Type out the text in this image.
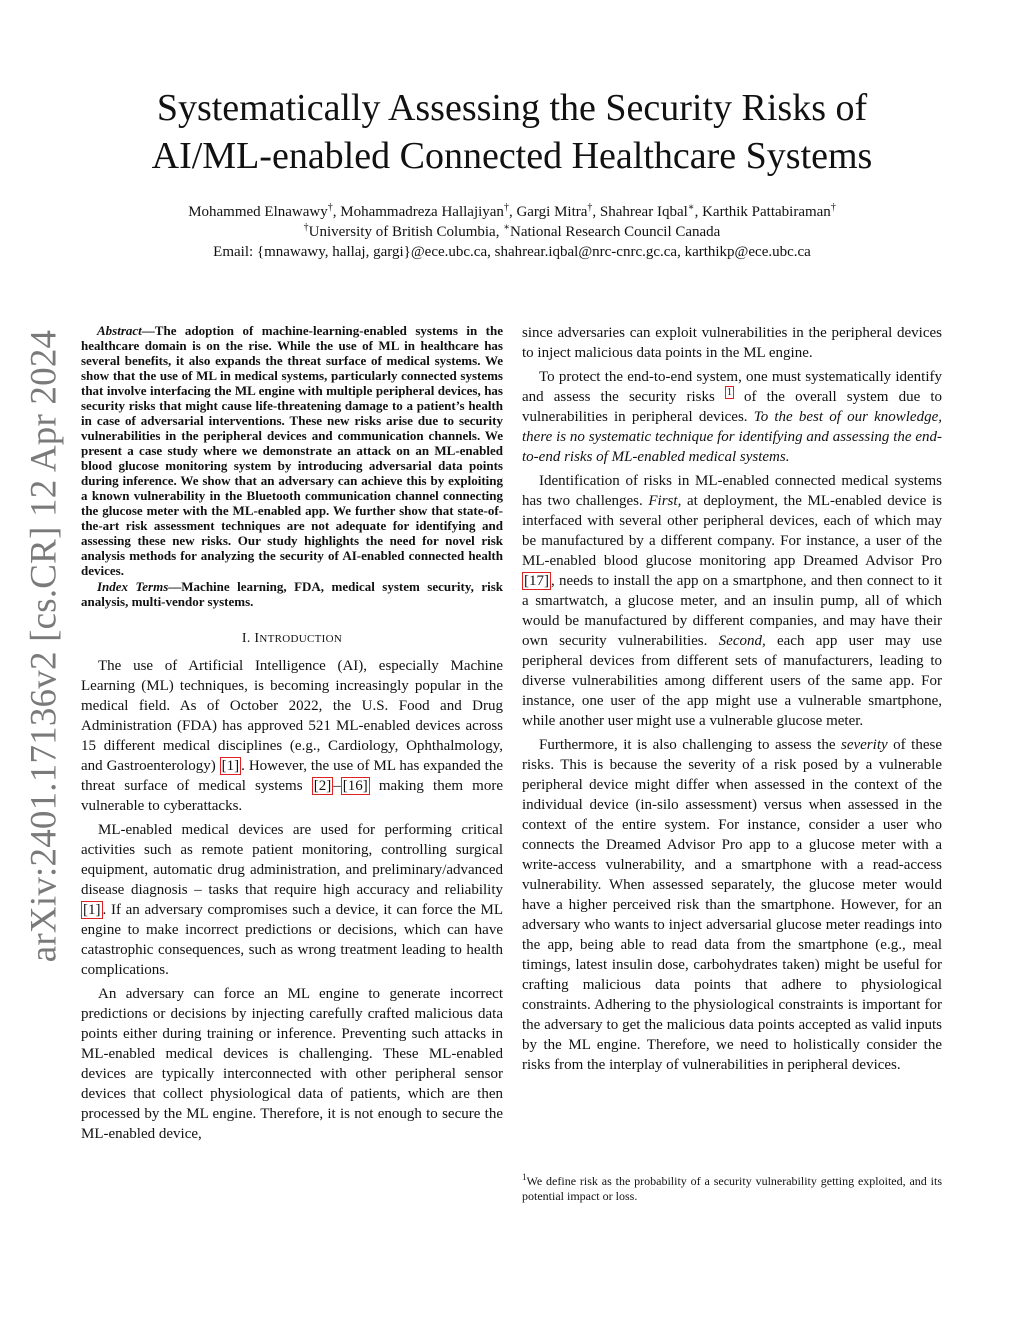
arXiv:2401.17136v2 [cs.CR] 12 Apr 2024
Systematically Assessing the Security Risks of
AI/ML-enabled Connected Healthcare Systems
Mohammed Elnawawy†, Mohammadreza Hallajiyan†, Gargi Mitra†, Shahrear Iqbal∗, Karthik Pattabiraman†
†University of British Columbia, ∗National Research Council Canada
Email: {mnawawy, hallaj, gargi}@ece.ubc.ca, shahrear.iqbal@nrc-cnrc.gc.ca, karthikp@ece.ubc.ca

Abstract—The adoption of machine-learning-enabled systems in the healthcare domain is on the rise. While the use of ML in healthcare has several benefits, it also expands the threat surface of medical systems. We show that the use of ML in medical systems, particularly connected systems that involve interfacing the ML engine with multiple peripheral devices, has security risks that might cause life-threatening damage to a patient’s health in case of adversarial interventions. These new risks arise due to security vulnerabilities in the peripheral devices and communication channels. We present a case study where we demonstrate an attack on an ML-enabled blood glucose monitoring system by introducing adversarial data points during inference. We show that an adversary can achieve this by exploiting a known vulnerability in the Bluetooth communication channel connecting the glucose meter with the ML-enabled app. We further show that state-of-the-art risk assessment techniques are not adequate for identifying and assessing these new risks. Our study highlights the need for novel risk analysis methods for analyzing the security of AI-enabled connected health devices.

Index Terms—Machine learning, FDA, medical system security, risk analysis, multi-vendor systems.

I. INTRODUCTION

The use of Artificial Intelligence (AI), especially Machine Learning (ML) techniques, is becoming increasingly popular in the medical field. As of October 2022, the U.S. Food and Drug Administration (FDA) has approved 521 ML-enabled devices across 15 different medical disciplines (e.g., Cardiology, Ophthalmology, and Gastroenterology) [1] . However, the use of ML has expanded the threat surface of medical systems [2] – [16] making them more vulnerable to cyberattacks.

ML-enabled medical devices are used for performing critical activities such as remote patient monitoring, controlling surgical equipment, automatic drug administration, and preliminary/advanced disease diagnosis – tasks that require high accuracy and reliability [1] . If an adversary compromises such a device, it can force the ML engine to make incorrect predictions or decisions, which can have catastrophic consequences, such as wrong treatment leading to health complications.

An adversary can force an ML engine to generate incorrect predictions or decisions by injecting carefully crafted malicious data points either during training or inference. Preventing such attacks in ML-enabled medical devices is challenging. These ML-enabled devices are typically interconnected with other peripheral sensor devices that collect physiological data of patients, which are then processed by the ML engine. Therefore, it is not enough to secure the ML-enabled device,

since adversaries can exploit vulnerabilities in the peripheral devices to inject malicious data points in the ML engine.

To protect the end-to-end system, one must systematically identify and assess the security risks $^1$ of the overall system due to vulnerabilities in peripheral devices. To the best of our knowledge, there is no systematic technique for identifying and assessing the end-to-end risks of ML-enabled medical systems.

Identification of risks in ML-enabled connected medical systems has two challenges. First, at deployment, the ML-enabled device is interfaced with several other peripheral devices, each of which may be manufactured by a different company. For instance, a user of the ML-enabled blood glucose monitoring app Dreamed Advisor Pro [17] , needs to install the app on a smartphone, and then connect to it a smartwatch, a glucose meter, and an insulin pump, all of which would be manufactured by different companies, and may have their own security vulnerabilities. Second, each app user may use peripheral devices from different sets of manufacturers, leading to diverse vulnerabilities among different users of the same app. For instance, one user of the app might use a vulnerable smartphone, while another user might use a vulnerable glucose meter.

Furthermore, it is also challenging to assess the severity of these risks. This is because the severity of a risk posed by a vulnerable peripheral device might differ when assessed in the context of the individual device (in-silo assessment) versus when assessed in the context of the entire system. For instance, consider a user who connects the Dreamed Advisor Pro app to a glucose meter with a write-access vulnerability, and a smartphone with a read-access vulnerability. When assessed separately, the glucose meter would have a higher perceived risk than the smartphone. However, for an adversary who wants to inject adversarial glucose meter readings into the app, being able to read data from the smartphone (e.g., meal timings, latest insulin dose, carbohydrates taken) might be useful for crafting malicious data points that adhere to physiological constraints. Adhering to the physiological constraints is important for the adversary to get the malicious data points accepted as valid inputs by the ML engine. Therefore, we need to holistically consider the risks from the interplay of vulnerabilities in peripheral devices.

$^1$We define risk as the probability of a security vulnerability getting exploited, and its potential impact or loss.
